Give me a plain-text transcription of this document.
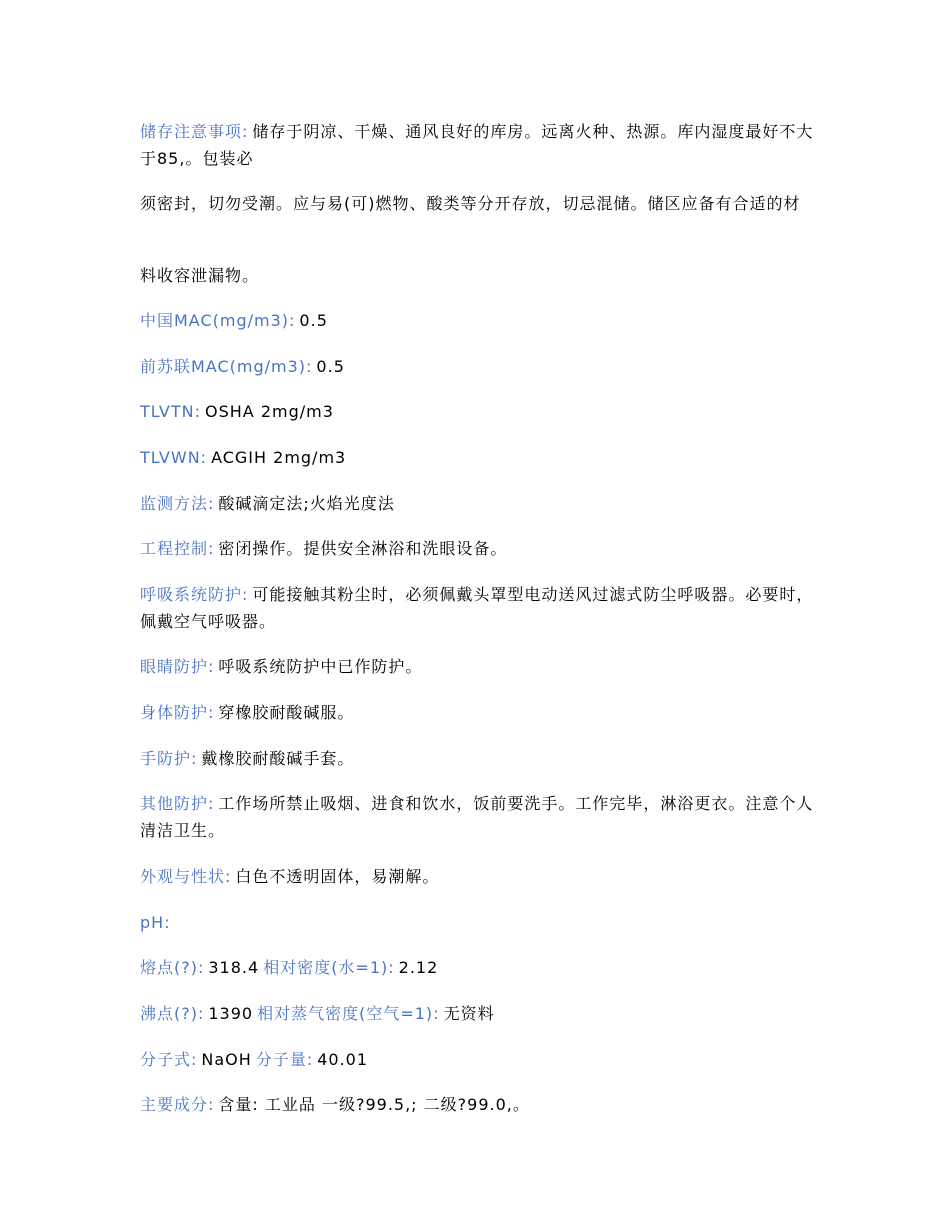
储存注意事项: 储存于阴凉、干燥、通风良好的库房。远离火种、热源。库内湿度最好不大于85,。包装必
须密封，切勿受潮。应与易(可)燃物、酸类等分开存放，切忌混储。储区应备有合适的材
料收容泄漏物。
中国MAC(mg/m3): 0.5
前苏联MAC(mg/m3): 0.5
TLVTN: OSHA 2mg/m3
TLVWN: ACGIH 2mg/m3
监测方法: 酸碱滴定法;火焰光度法
工程控制: 密闭操作。提供安全淋浴和洗眼设备。
呼吸系统防护: 可能接触其粉尘时，必须佩戴头罩型电动送风过滤式防尘呼吸器。必要时，佩戴空气呼吸器。
眼睛防护: 呼吸系统防护中已作防护。
身体防护: 穿橡胶耐酸碱服。
手防护: 戴橡胶耐酸碱手套。
其他防护: 工作场所禁止吸烟、进食和饮水，饭前要洗手。工作完毕，淋浴更衣。注意个人清洁卫生。
外观与性状: 白色不透明固体，易潮解。
pH:
熔点(?): 318.4 相对密度(水=1): 2.12
沸点(?): 1390 相对蒸气密度(空气=1): 无资料
分子式: NaOH 分子量: 40.01
主要成分: 含量: 工业品 一级?99.5,; 二级?99.0,。
